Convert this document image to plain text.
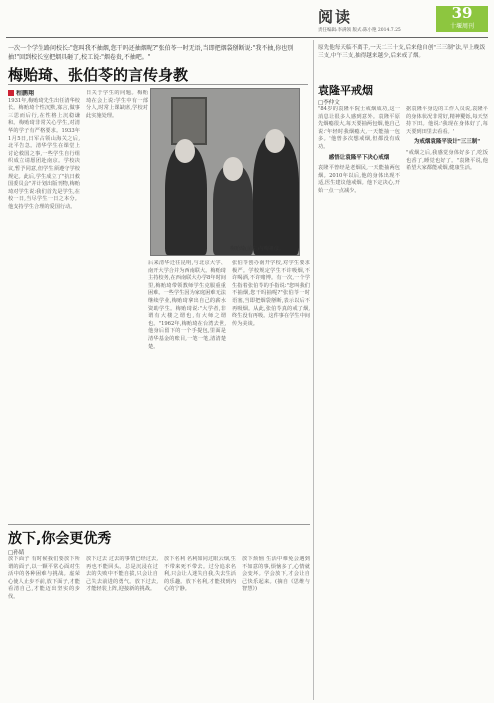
阅读	39
十堰周刊
责任编辑:李满领 版式:陈小艳 2014.7.25

一次一个学生路问校长:"您叫我不抽烟,您干吗还抽烟呢?"张伯苓一时无语,当即把烟袋掰断说:"我不抽,你也别抽!"回到校长室把烟具砸了,校工说:"烟卷贵,不抽吧。"

梅贻琦、张伯苓的言传身教
程鹏翔

1931年,梅贻琦先生出任清华校长。梅贻琦个性沉默,寡言,做事三思而后行,在性格上沉稳谦和。梅贻琦非常关心学生,对清华的学子有严格要求。1933年1月5日,日军占领山海关之后,北平告急。清华学生在课堂上讨论救国之事,一些学生自行组织成立请愿团赴南京。学校决议,暂予同意,但学生须遵守学校规定。此后,学生成立了"抗日救国委员会"并计划出版刊物,梅贻琦对学生说:我们首先是学生,在校一日,当尽学生一日之本分。他支持学生合理的爱国行动。

日关于学生的问题。梅贻琦在会上说:学生中有一部分人,时常上课缺席,学校对此实施处理。

梅贻琦(前左)与梅祖彦。

后来清华迁往昆明,与北京大学、南开大学合并为西南联大。梅贻琦主持校务,在西南联大办学8年时间里,梅贻琦带领教师学生克服重重困难。一些学生因为家庭困难无法继续学业,梅贻琦拿出自己的薪水资助学生。梅贻琦说:"大学者,非谓有大楼之谓也,有大师之谓也。"1962年,梅贻琦在台湾去世,他身后留下的一个手提包,里面是清华基金的账目,一笔一笔,清清楚楚。

张伯苓创办南开学校,对学生要求极严。学校规定学生不许吸烟,不许喝酒,不许赌博。有一次,一个学生指着张伯苓的手指说:"您叫我们不抽烟,您干吗抽呢?"张伯苓一时语塞,当即把烟袋掰断,表示以后不再吸烟。从此,张伯苓真的戒了烟,终生没有再吸。这件事在学生中间传为美谈。

原先他每天临不离手,一天二三十支,后来他自创"三三制"法,早上晚饭三支,中午三支,抽得越来越少,后来戒了烟。

袁隆平戒烟
□李仲文

"84岁的袁隆平院士戒烟成功,这一消息让很多人感到意外。袁隆平原先烟瘾很大,每天要抽两包烟,他自己说:'年轻时我烟瘾大,一天能抽一包多。'他曾多次想戒烟,但都没有成功。

感悟让袁隆平下决心戒烟

袁隆平曾经是老烟民,一天能抽两包烟。2010年以后,他的身体出现不适,医生建议他戒烟。他下定决心,开始一点一点减少。

据袁隆平身边的工作人员说,袁隆平的身体状况非常好,精神矍铄,每天坚持下田。他说:'我现在身体好了,每天要到田里去看看。'

为戒烟袁隆平设计"三三制"

"戒烟之后,我感觉身体好多了,吃饭也香了,睡觉也好了。"袁隆平说,他希望大家都能戒烟,健康生活。

放下,你会更优秀
□孙婧

放下面子 有时候我们要放下所谓的面子,以一颗平常心面对生活中的各种困难与挑战。虚荣心使人止步不前,放下面子,才能看清自己,才能迈出坚实的步伐。

放下过去 过去的事情已经过去,再也不能回头。总是沉浸在过去的失败中不能自拔,只会让自己失去前进的勇气。放下过去,才能轻装上阵,迎接新的挑战。

放下名利 名利如同过眼云烟,生不带来死不带去。过分追求名利,只会让人迷失自我,失去生活的乐趣。放下名利,才能找到内心的宁静。

放下烦恼 生活中难免会遇到不如意的事,烦恼多了,心情就会变坏。学会放下,才会让自己快乐起来。(摘自《思维与智慧》)
